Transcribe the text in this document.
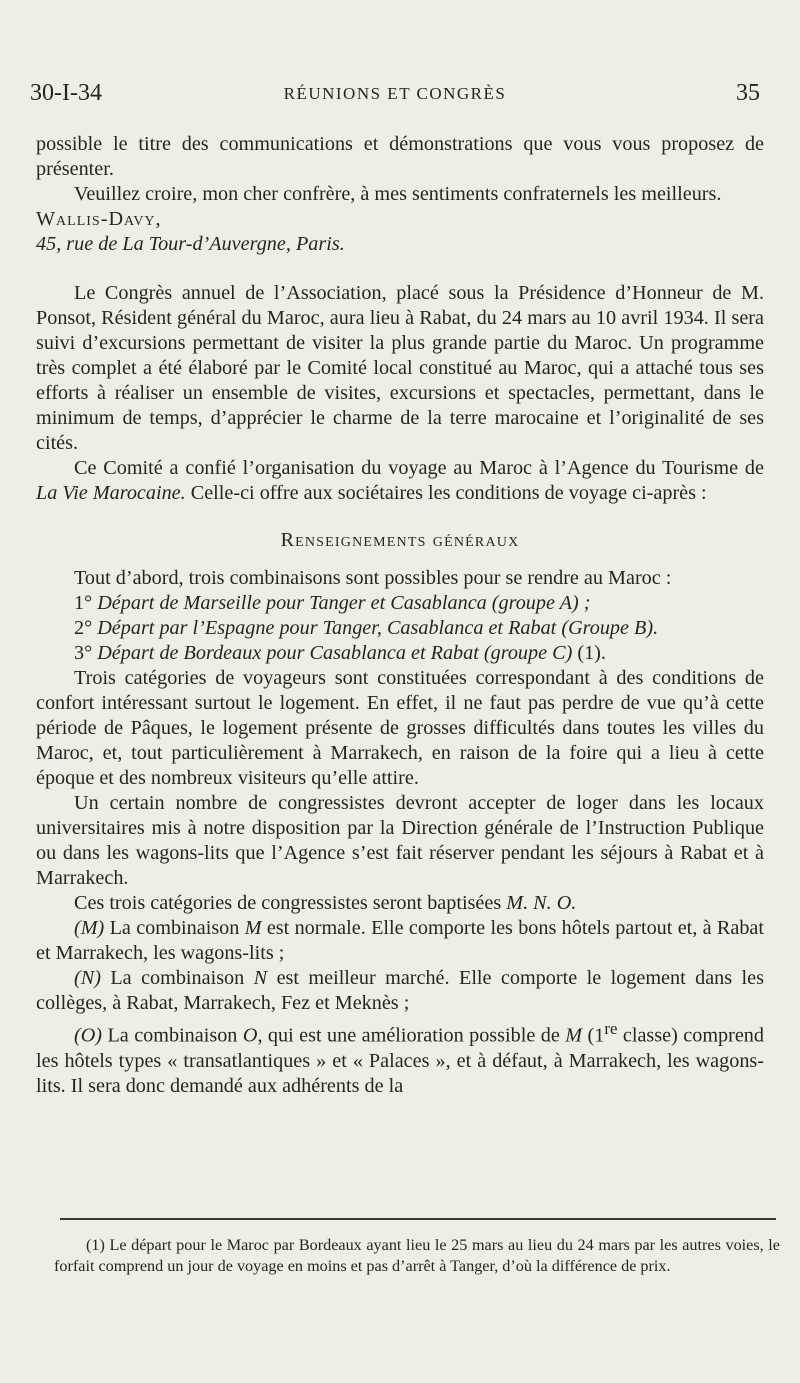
30-I-34	RÉUNIONS ET CONGRÈS	35

possible le titre des communications et démonstrations que vous vous proposez de présenter.

Veuillez croire, mon cher confrère, à mes sentiments confraternels les meilleurs.

Wallis-Davy,

45, rue de La Tour-d’Auvergne, Paris.

Le Congrès annuel de l’Association, placé sous la Présidence d’Honneur de M. Ponsot, Résident général du Maroc, aura lieu à Rabat, du 24 mars au 10 avril 1934. Il sera suivi d’excursions permettant de visiter la plus grande partie du Maroc. Un programme très complet a été élaboré par le Comité local constitué au Maroc, qui a attaché tous ses efforts à réaliser un ensemble de visites, excursions et spectacles, permettant, dans le minimum de temps, d’apprécier le charme de la terre marocaine et l’originalité de ses cités.

Ce Comité a confié l’organisation du voyage au Maroc à l’Agence du Tourisme de La Vie Marocaine. Celle-ci offre aux sociétaires les conditions de voyage ci-après :

Renseignements généraux

Tout d’abord, trois combinaisons sont possibles pour se rendre au Maroc :

1° Départ de Marseille pour Tanger et Casablanca (groupe A) ;

2° Départ par l’Espagne pour Tanger, Casablanca et Rabat (Groupe B).

3° Départ de Bordeaux pour Casablanca et Rabat (groupe C) (1).

Trois catégories de voyageurs sont constituées correspondant à des conditions de confort intéressant surtout le logement. En effet, il ne faut pas perdre de vue qu’à cette période de Pâques, le logement présente de grosses difficultés dans toutes les villes du Maroc, et, tout particulièrement à Marrakech, en raison de la foire qui a lieu à cette époque et des nombreux visiteurs qu’elle attire.

Un certain nombre de congressistes devront accepter de loger dans les locaux universitaires mis à notre disposition par la Direction générale de l’Instruction Publique ou dans les wagons-lits que l’Agence s’est fait réserver pendant les séjours à Rabat et à Marrakech.

Ces trois catégories de congressistes seront baptisées M. N. O.

(M) La combinaison M est normale. Elle comporte les bons hôtels partout et, à Rabat et Marrakech, les wagons-lits ;

(N) La combinaison N est meilleur marché. Elle comporte le logement dans les collèges, à Rabat, Marrakech, Fez et Meknès ;

(O) La combinaison O, qui est une amélioration possible de M (1re classe) comprend les hôtels types « transatlantiques » et « Palaces », et à défaut, à Marrakech, les wagons-lits. Il sera donc demandé aux adhérents de la

(1) Le départ pour le Maroc par Bordeaux ayant lieu le 25 mars au lieu du 24 mars par les autres voies, le forfait comprend un jour de voyage en moins et pas d’arrêt à Tanger, d’où la différence de prix.
